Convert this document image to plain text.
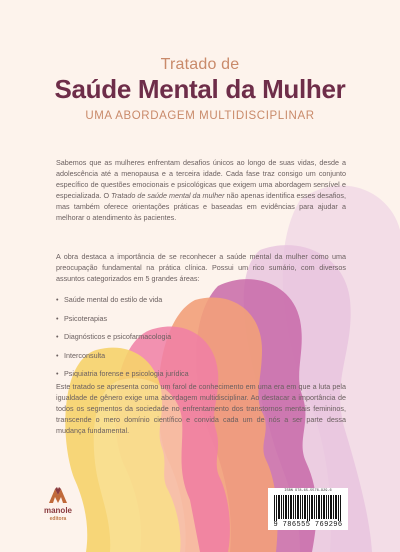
Tratado de
Saúde Mental da Mulher
UMA ABORDAGEM MULTIDISCIPLINAR
Sabemos que as mulheres enfrentam desafios únicos ao longo de suas vidas, desde a adolescência até a menopausa e a terceira idade. Cada fase traz consigo um conjunto específico de questões emocionais e psicológicas que exigem uma abordagem sensível e especializada. O Tratado de saúde mental da mulher não apenas identifica esses desafios, mas também oferece orientações práticas e baseadas em evidências para ajudar a melhorar o atendimento às pacientes.
A obra destaca a importância de se reconhecer a saúde mental da mulher como uma preocupação fundamental na prática clínica. Possui um rico sumário, com diversos assuntos categorizados em 5 grandes áreas:
• Saúde mental do estilo de vida
• Psicoterapias
• Diagnósticos e psicofarmacologia
• Interconsulta
• Psiquiatria forense e psicologia jurídica
Este tratado se apresenta como um farol de conhecimento em uma era em que a luta pela igualdade de gênero exige uma abordagem multidisciplinar. Ao destacar a importância de todos os segmentos da sociedade no enfrentamento dos transtornos mentais femininos, transcende o mero domínio científico e convida cada um de nós a ser parte dessa mudança fundamental.
manole
editora
ISBN 978-65-5576-929-6
9 786555 769296
